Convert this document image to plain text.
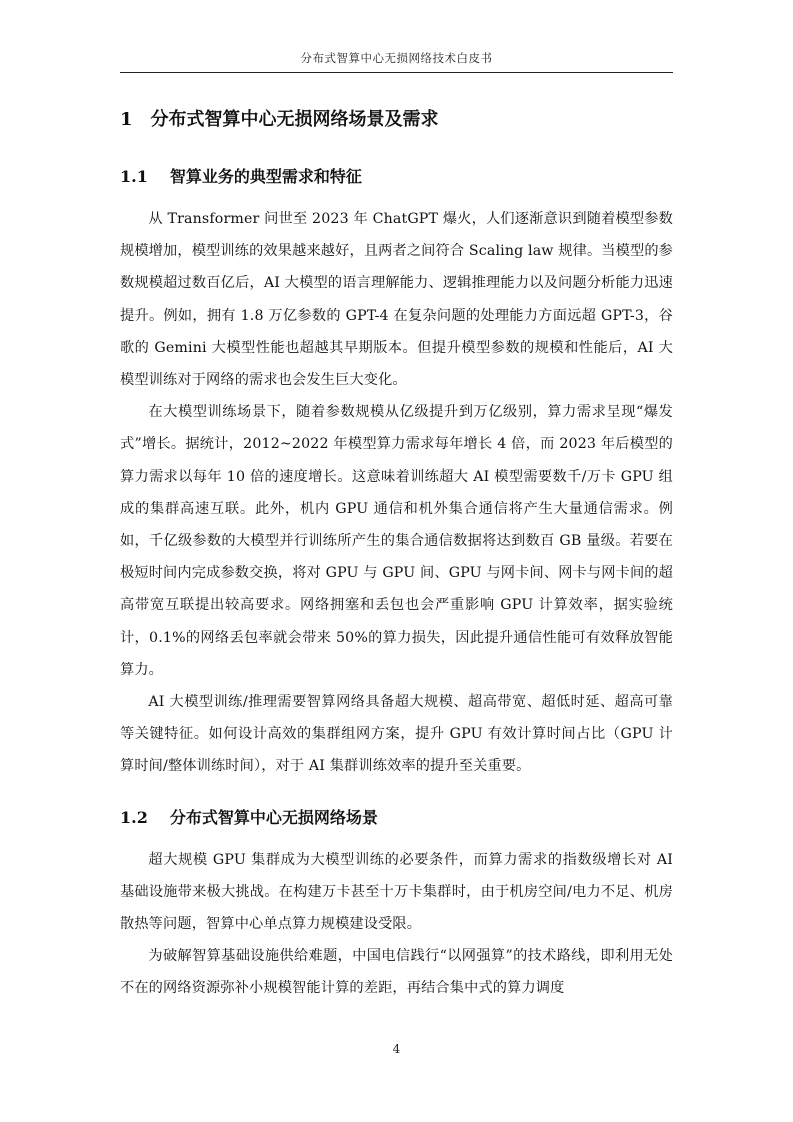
分布式智算中心无损网络技术白皮书
1 分布式智算中心无损网络场景及需求
1.1 智算业务的典型需求和特征

从 Transformer 问世至 2023 年 ChatGPT 爆火，人们逐渐意识到随着模型参数规模增加，模型训练的效果越来越好，且两者之间符合 Scaling law 规律。当模型的参数规模超过数百亿后，AI 大模型的语言理解能力、逻辑推理能力以及问题分析能力迅速提升。例如，拥有 1.8 万亿参数的 GPT-4 在复杂问题的处理能力方面远超 GPT-3，谷歌的 Gemini 大模型性能也超越其早期版本。但提升模型参数的规模和性能后，AI 大模型训练对于网络的需求也会发生巨大变化。

在大模型训练场景下，随着参数规模从亿级提升到万亿级别，算力需求呈现“爆发式”增长。据统计，2012~2022 年模型算力需求每年增长 4 倍，而 2023 年后模型的算力需求以每年 10 倍的速度增长。这意味着训练超大 AI 模型需要数千/万卡 GPU 组成的集群高速互联。此外，机内 GPU 通信和机外集合通信将产生大量通信需求。例如，千亿级参数的大模型并行训练所产生的集合通信数据将达到数百 GB 量级。若要在极短时间内完成参数交换，将对 GPU 与 GPU 间、GPU 与网卡间、网卡与网卡间的超高带宽互联提出较高要求。网络拥塞和丢包也会严重影响 GPU 计算效率，据实验统计，0.1%的网络丢包率就会带来 50%的算力损失，因此提升通信性能可有效释放智能算力。

AI 大模型训练/推理需要智算网络具备超大规模、超高带宽、超低时延、超高可靠等关键特征。如何设计高效的集群组网方案，提升 GPU 有效计算时间占比（GPU 计算时间/整体训练时间），对于 AI 集群训练效率的提升至关重要。

1.2 分布式智算中心无损网络场景

超大规模 GPU 集群成为大模型训练的必要条件，而算力需求的指数级增长对 AI 基础设施带来极大挑战。在构建万卡甚至十万卡集群时，由于机房空间/电力不足、机房散热等问题，智算中心单点算力规模建设受限。

为破解智算基础设施供给难题，中国电信践行“以网强算”的技术路线，即利用无处不在的网络资源弥补小规模智能计算的差距，再结合集中式的算力调度

4
